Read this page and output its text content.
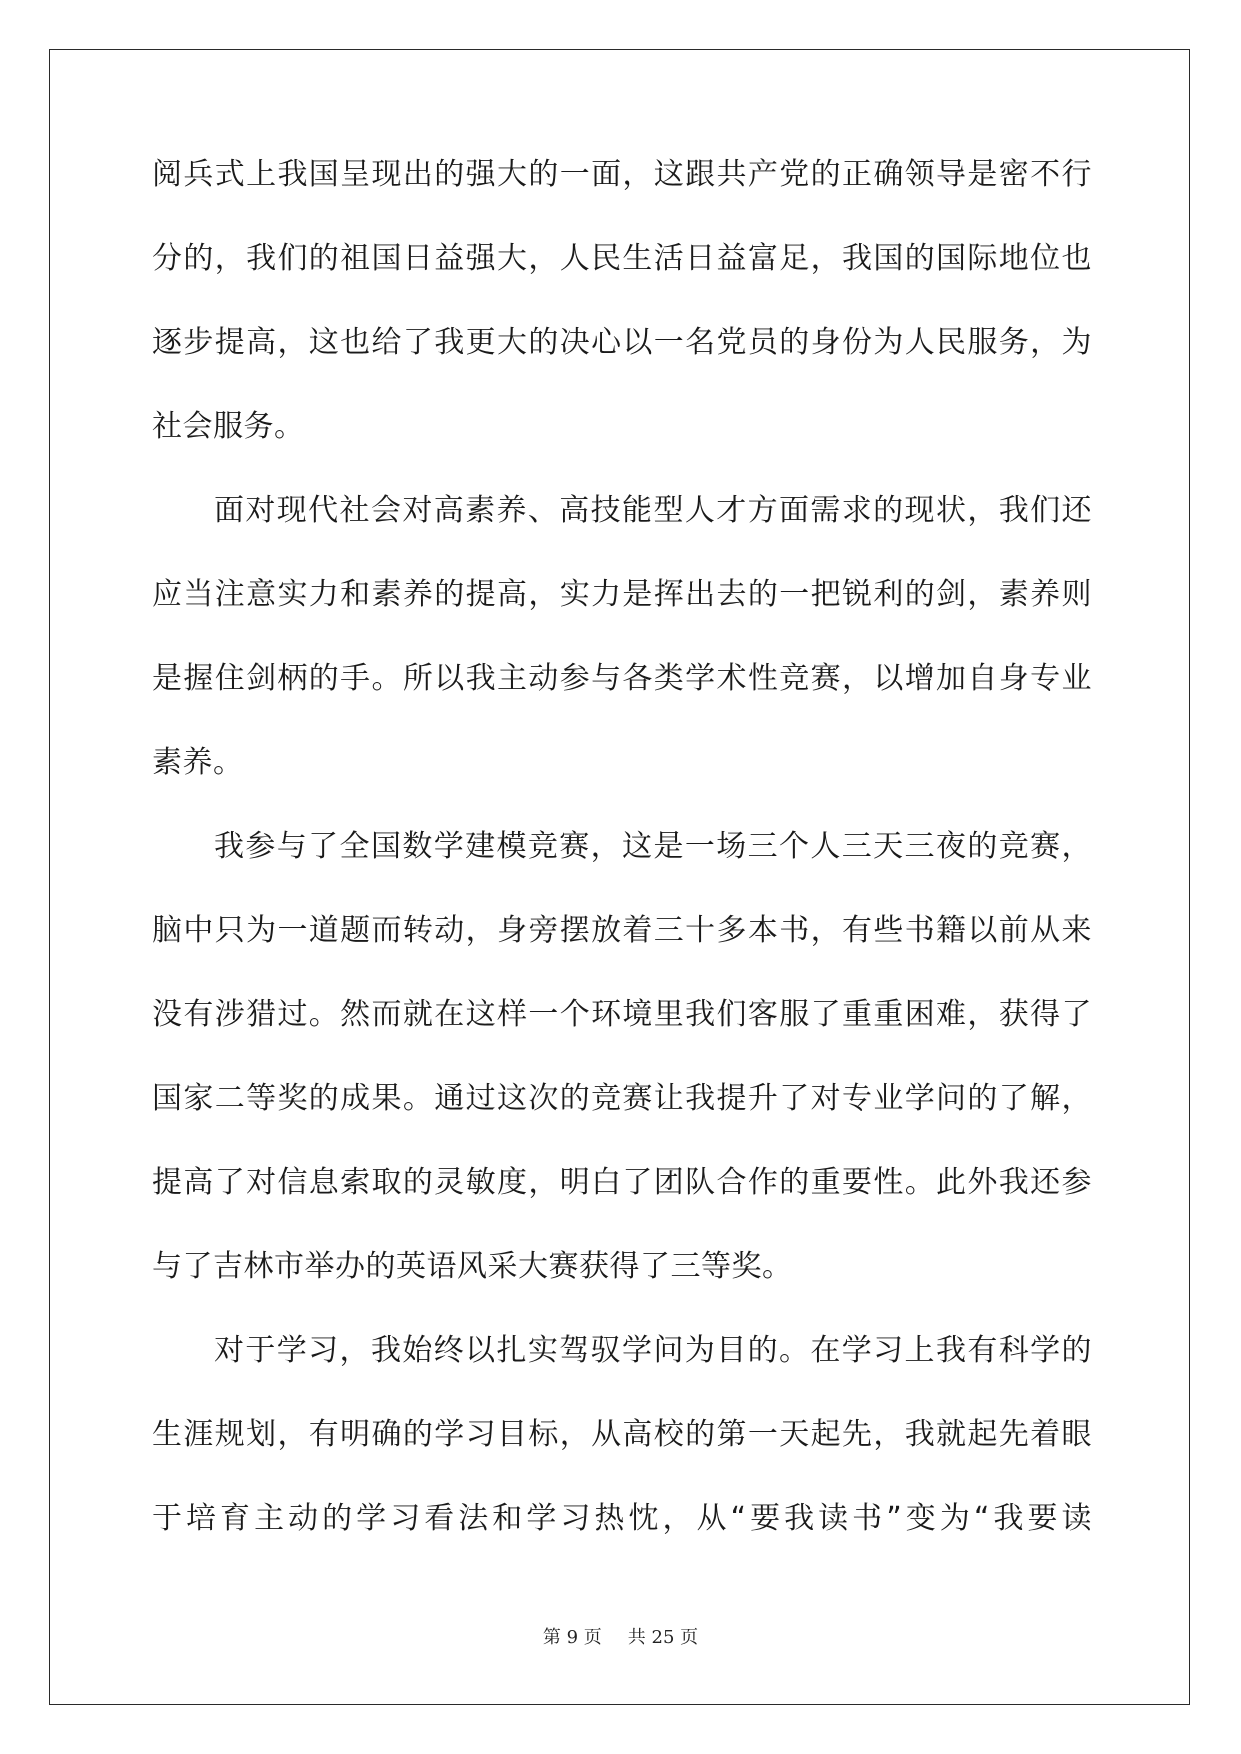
阅兵式上我国呈现出的强大的一面，这跟共产党的正确领导是密不行
分的，我们的祖国日益强大，人民生活日益富足，我国的国际地位也
逐步提高，这也给了我更大的决心以一名党员的身份为人民服务，为
社会服务。
面对现代社会对高素养、高技能型人才方面需求的现状，我们还
应当注意实力和素养的提高，实力是挥出去的一把锐利的剑，素养则
是握住剑柄的手。所以我主动参与各类学术性竞赛，以增加自身专业
素养。
我参与了全国数学建模竞赛，这是一场三个人三天三夜的竞赛，
脑中只为一道题而转动，身旁摆放着三十多本书，有些书籍以前从来
没有涉猎过。然而就在这样一个环境里我们客服了重重困难，获得了
国家二等奖的成果。通过这次的竞赛让我提升了对专业学问的了解，
提高了对信息索取的灵敏度，明白了团队合作的重要性。此外我还参
与了吉林市举办的英语风采大赛获得了三等奖。
对于学习，我始终以扎实驾驭学问为目的。在学习上我有科学的
生涯规划，有明确的学习目标，从高校的第一天起先，我就起先着眼
于培育主动的学习看法和学习热忱，从“要我读书”变为“我要读
第 9 页 共 25 页
